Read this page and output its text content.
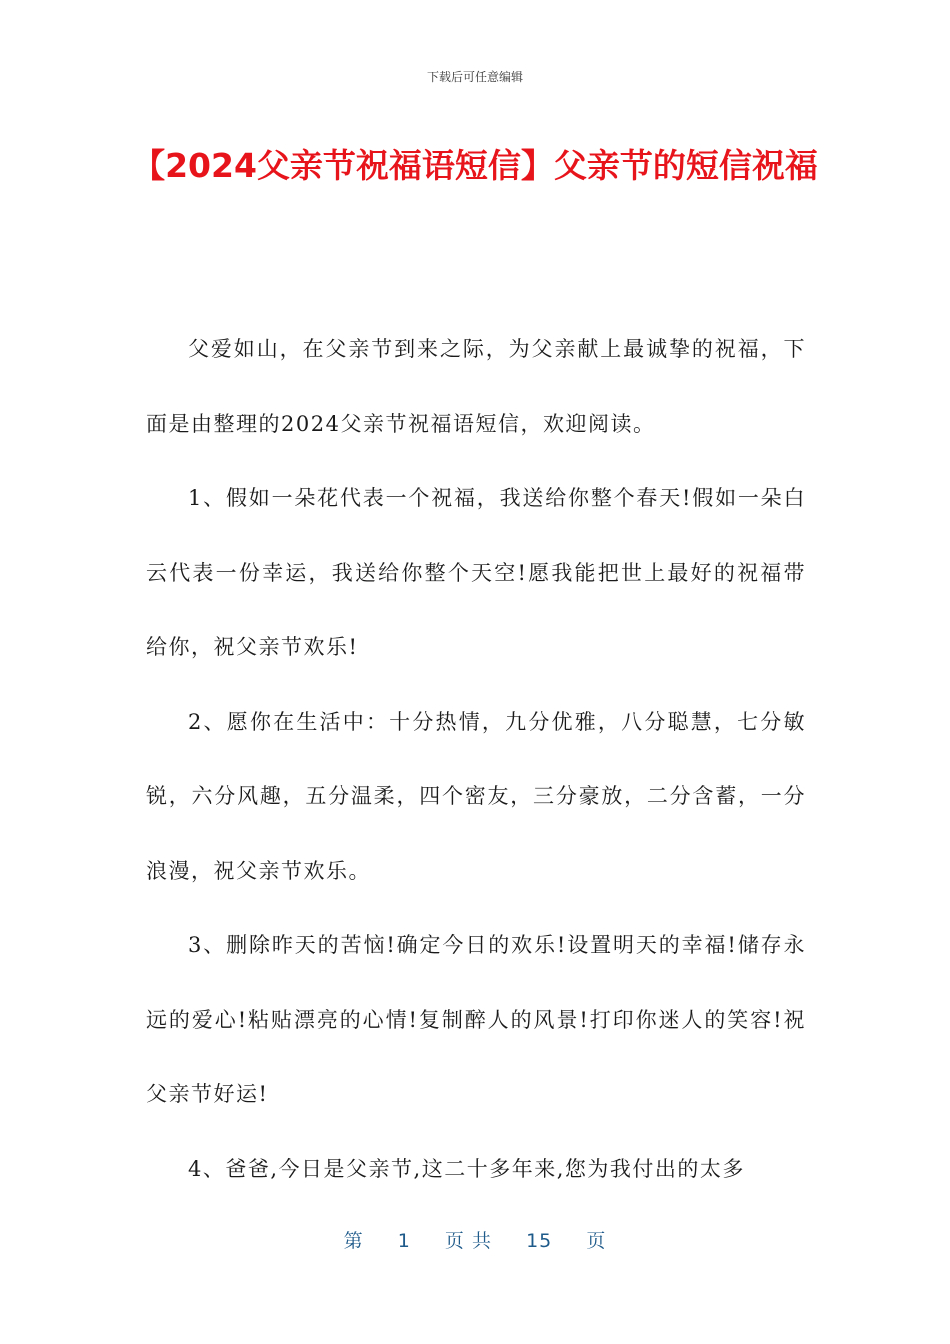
下载后可任意编辑
【2024父亲节祝福语短信】父亲节的短信祝福

父爱如山，在父亲节到来之际，为父亲献上最诚挚的祝福，下面是由整理的2024父亲节祝福语短信，欢迎阅读。

1、假如一朵花代表一个祝福，我送给你整个春天!假如一朵白云代表一份幸运，我送给你整个天空!愿我能把世上最好的祝福带给你，祝父亲节欢乐!

2、愿你在生活中：十分热情，九分优雅，八分聪慧，七分敏锐，六分风趣，五分温柔，四个密友，三分豪放，二分含蓄，一分浪漫，祝父亲节欢乐。

3、删除昨天的苦恼!确定今日的欢乐!设置明天的幸福!储存永远的爱心!粘贴漂亮的心情!复制醉人的风景!打印你迷人的笑容!祝父亲节好运!

4、爸爸,今日是父亲节,这二十多年来,您为我付出的太多

第 1 页 共 15 页
